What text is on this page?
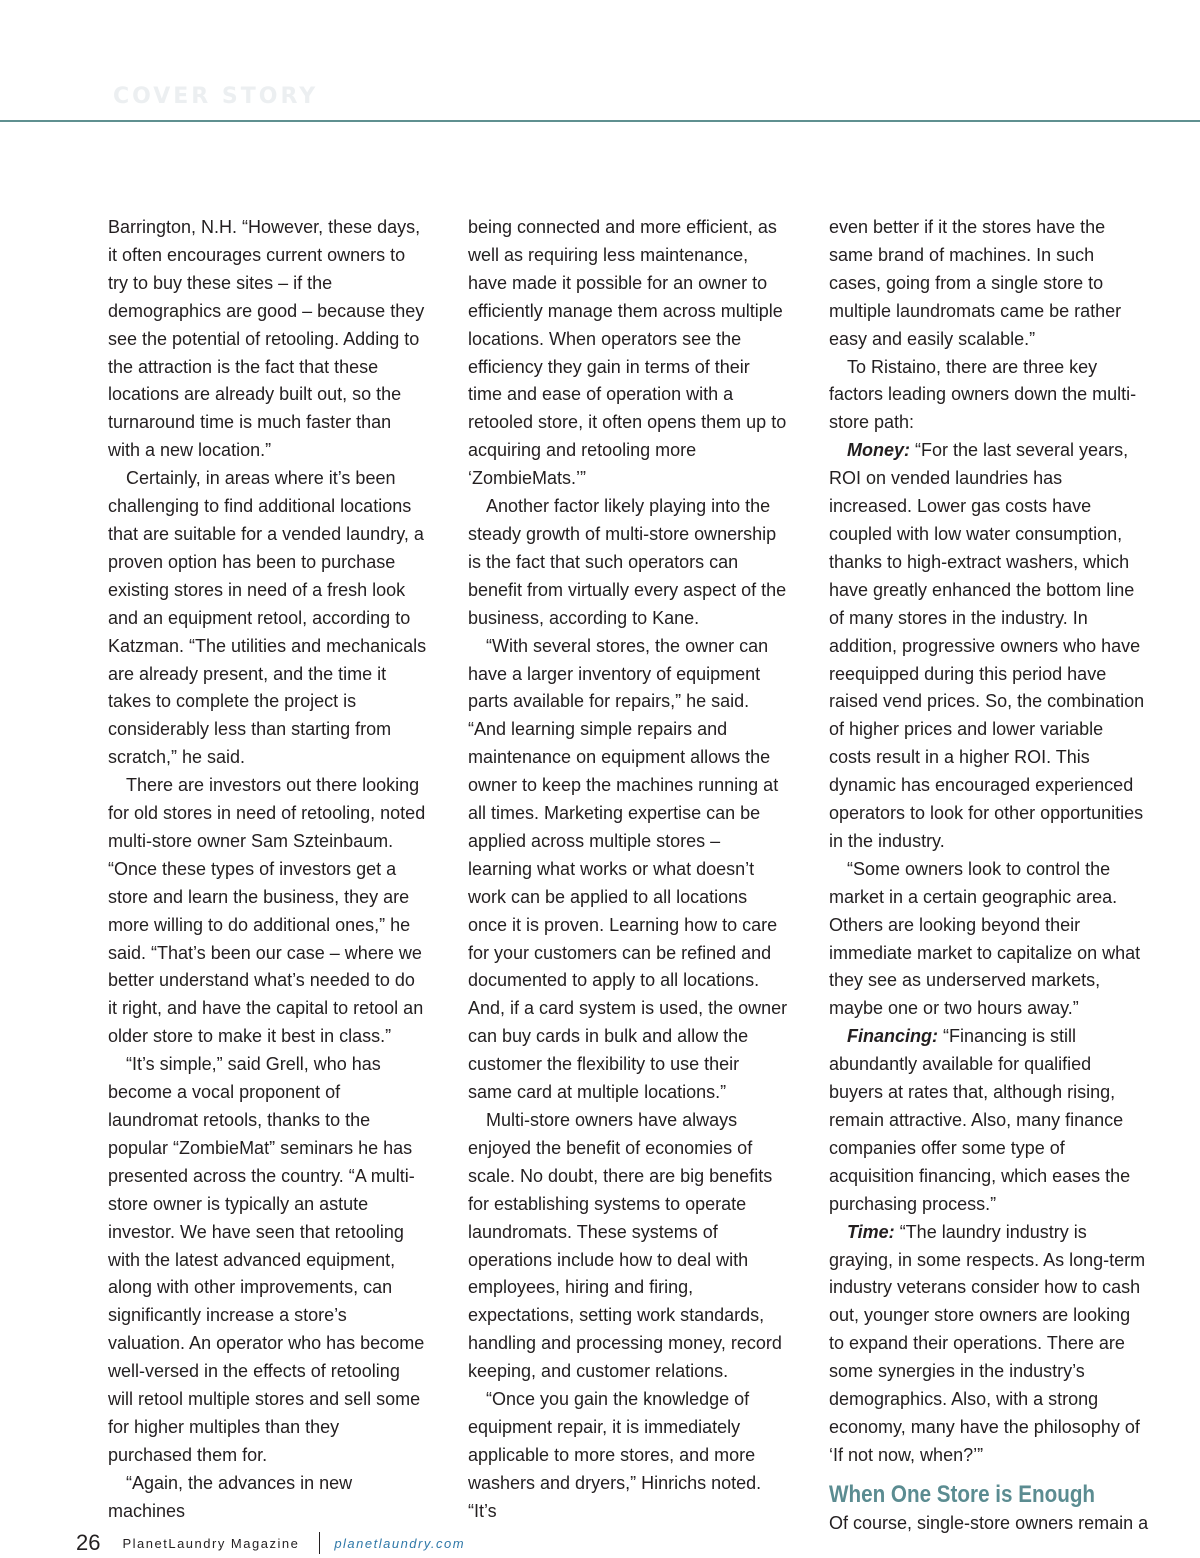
COVER STORY

Barrington, N.H. “However, these days, it often encourages current owners to try to buy these sites – if the demographics are good – because they see the potential of retooling. Adding to the attraction is the fact that these locations are already built out, so the turnaround time is much faster than with a new location.”

Certainly, in areas where it’s been challenging to find additional locations that are suitable for a vended laundry, a proven option has been to purchase existing stores in need of a fresh look and an equipment retool, according to Katzman. “The utilities and mechanicals are already present, and the time it takes to complete the project is considerably less than starting from scratch,” he said.

There are investors out there looking for old stores in need of retooling, noted multi-store owner Sam Szteinbaum. “Once these types of investors get a store and learn the business, they are more willing to do additional ones,” he said. “That’s been our case – where we better understand what’s needed to do it right, and have the capital to retool an older store to make it best in class.”

“It’s simple,” said Grell, who has become a vocal proponent of laundromat retools, thanks to the popular “ZombieMat” seminars he has presented across the country. “A multi-store owner is typically an astute investor. We have seen that retooling with the latest advanced equipment, along with other improvements, can significantly increase a store’s valuation. An operator who has become well-versed in the effects of retooling will retool multiple stores and sell some for higher multiples than they purchased them for.

“Again, the advances in new machines

being connected and more efficient, as well as requiring less maintenance, have made it possible for an owner to efficiently manage them across multiple locations. When operators see the efficiency they gain in terms of their time and ease of operation with a retooled store, it often opens them up to acquiring and retooling more ‘ZombieMats.’”

Another factor likely playing into the steady growth of multi-store ownership is the fact that such operators can benefit from virtually every aspect of the business, according to Kane.

“With several stores, the owner can have a larger inventory of equipment parts available for repairs,” he said. “And learning simple repairs and maintenance on equipment allows the owner to keep the machines running at all times. Marketing expertise can be applied across multiple stores – learning what works or what doesn’t work can be applied to all locations once it is proven. Learning how to care for your customers can be refined and documented to apply to all locations. And, if a card system is used, the owner can buy cards in bulk and allow the customer the flexibility to use their same card at multiple locations.”

Multi-store owners have always enjoyed the benefit of economies of scale. No doubt, there are big benefits for establishing systems to operate laundromats. These systems of operations include how to deal with employees, hiring and firing, expectations, setting work standards, handling and processing money, record keeping, and customer relations.

“Once you gain the knowledge of equipment repair, it is immediately applicable to more stores, and more washers and dryers,” Hinrichs noted. “It’s

even better if it the stores have the same brand of machines. In such cases, going from a single store to multiple laundromats came be rather easy and easily scalable.”

To Ristaino, there are three key factors leading owners down the multi-store path:

Money: “For the last several years, ROI on vended laundries has increased. Lower gas costs have coupled with low water consumption, thanks to high-extract washers, which have greatly enhanced the bottom line of many stores in the industry. In addition, progressive owners who have reequipped during this period have raised vend prices. So, the combination of higher prices and lower variable costs result in a higher ROI. This dynamic has encouraged experienced operators to look for other opportunities in the industry.

“Some owners look to control the market in a certain geographic area. Others are looking beyond their immediate market to capitalize on what they see as underserved markets, maybe one or two hours away.”

Financing: “Financing is still abundantly available for qualified buyers at rates that, although rising, remain attractive. Also, many finance companies offer some type of acquisition financing, which eases the purchasing process.”

Time: “The laundry industry is graying, in some respects. As long-term industry veterans consider how to cash out, younger store owners are looking to expand their operations. There are some synergies in the industry’s demographics. Also, with a strong economy, many have the philosophy of ‘If not now, when?’”

When One Store is Enough

Of course, single-store owners remain a

26 PlanetLaundry Magazine	planetlaundry.com
